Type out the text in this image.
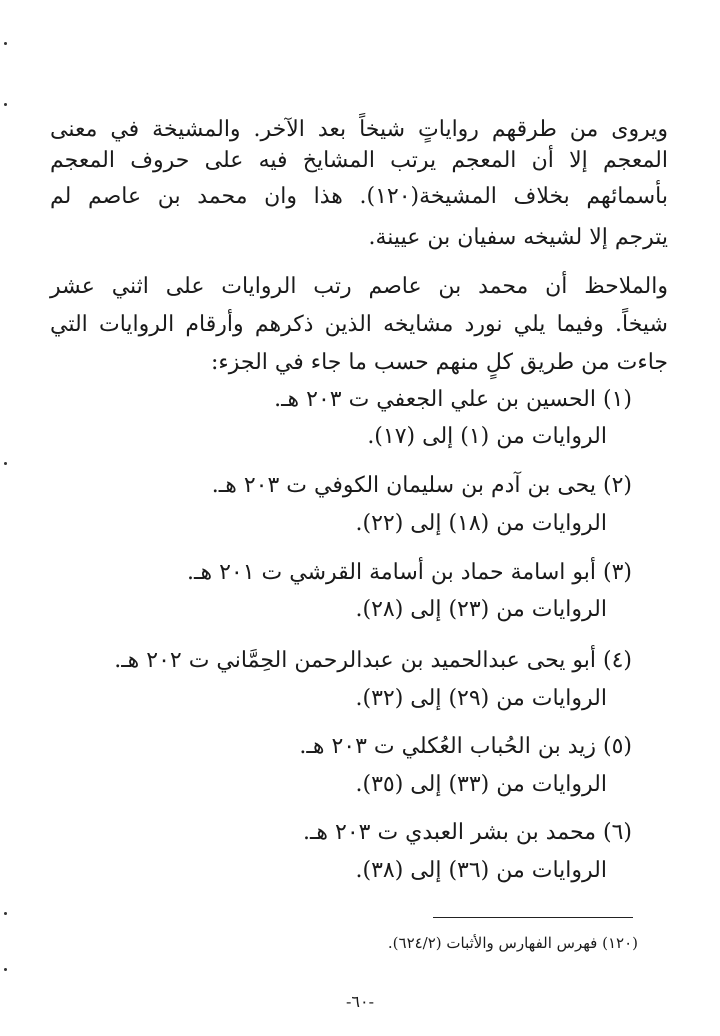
ويروى من طرقهم رواياتٍ شيخاً بعد الآخر. والمشيخة في معنى
المعجم إلا أن المعجم يرتب المشايخ فيه على حروف المعجم
بأسمائهم بخلاف المشيخة(١٢٠). هذا وان محمد بن عاصم لم
يترجم إلا لشيخه سفيان بن عيينة.
والملاحظ أن محمد بن عاصم رتب الروايات على اثني عشر
شيخاً. وفيما يلي نورد مشايخه الذين ذكرهم وأرقام الروايات التي
جاءت من طريق كلٍ منهم حسب ما جاء في الجزء:
(١) الحسين بن علي الجعفي ت ٢٠٣ هـ.
الروايات من (١) إلى (١٧).
(٢) يحى بن آدم بن سليمان الكوفي ت ٢٠٣ هـ.
الروايات من (١٨) إلى (٢٢).
(٣) أبو اسامة حماد بن أسامة القرشي ت ٢٠١ هـ.
الروايات من (٢٣) إلى (٢٨).
(٤) أبو يحى عبدالحميد بن عبدالرحمن الحِمَّاني ت ٢٠٢ هـ.
الروايات من (٢٩) إلى (٣٢).
(٥) زيد بن الحُباب العُكلي ت ٢٠٣ هـ.
الروايات من (٣٣) إلى (٣٥).
(٦) محمد بن بشر العبدي ت ٢٠٣ هـ.
الروايات من (٣٦) إلى (٣٨).
(١٢٠) فهرس الفهارس والأثبات (٦٢٤/٢).
-٦٠-
